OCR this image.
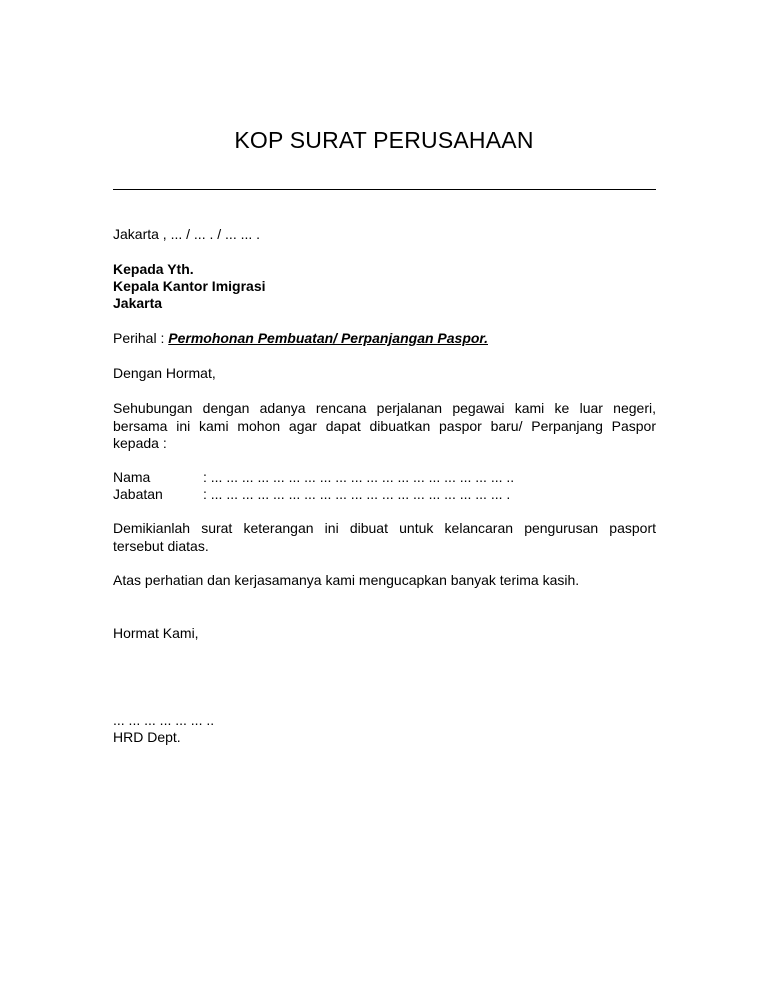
KOP SURAT PERUSAHAAN
Jakarta , ... / ... . / ... ... .
Kepada Yth.
Kepala Kantor Imigrasi
Jakarta
Perihal : Permohonan Pembuatan/ Perpanjangan Paspor.
Dengan Hormat,
Sehubungan dengan adanya rencana perjalanan pegawai kami ke luar negeri,
bersama ini kami mohon agar dapat dibuatkan paspor baru/ Perpanjang Paspor
kepada :
Nama	: ... ... ... ... ... ... ... ... ... ... ... ... ... ... ... ... ... ... ... ..
Jabatan	: ... ... ... ... ... ... ... ... ... ... ... ... ... ... ... ... ... ... ... .
Demikianlah surat keterangan ini dibuat untuk kelancaran pengurusan pasport
tersebut diatas.
Atas perhatian dan kerjasamanya kami mengucapkan banyak terima kasih.
Hormat Kami,
... ... ... ... ... ... ..
HRD Dept.
